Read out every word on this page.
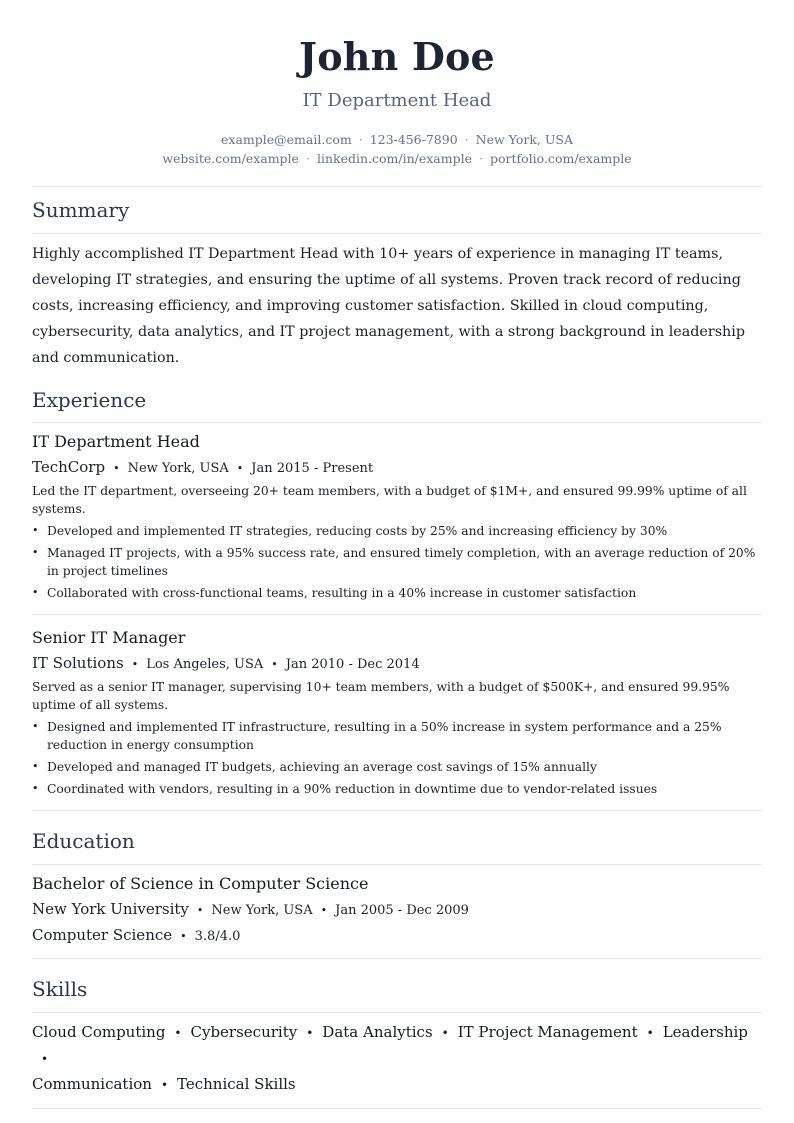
John Doe
IT Department Head
example@email.com · 123-456-7890 · New York, USA
website.com/example · linkedin.com/in/example · portfolio.com/example
Summary
Highly accomplished IT Department Head with 10+ years of experience in managing IT teams, developing IT strategies, and ensuring the uptime of all systems. Proven track record of reducing costs, increasing efficiency, and improving customer satisfaction. Skilled in cloud computing, cybersecurity, data analytics, and IT project management, with a strong background in leadership and communication.
Experience
IT Department Head
TechCorp • New York, USA • Jan 2015 - Present
Led the IT department, overseeing 20+ team members, with a budget of $1M+, and ensured 99.99% uptime of all systems.
• Developed and implemented IT strategies, reducing costs by 25% and increasing efficiency by 30%
• Managed IT projects, with a 95% success rate, and ensured timely completion, with an average reduction of 20% in project timelines
• Collaborated with cross-functional teams, resulting in a 40% increase in customer satisfaction
Senior IT Manager
IT Solutions • Los Angeles, USA • Jan 2010 - Dec 2014
Served as a senior IT manager, supervising 10+ team members, with a budget of $500K+, and ensured 99.95% uptime of all systems.
• Designed and implemented IT infrastructure, resulting in a 50% increase in system performance and a 25% reduction in energy consumption
• Developed and managed IT budgets, achieving an average cost savings of 15% annually
• Coordinated with vendors, resulting in a 90% reduction in downtime due to vendor-related issues
Education
Bachelor of Science in Computer Science
New York University • New York, USA • Jan 2005 - Dec 2009
Computer Science • 3.8/4.0
Skills
Cloud Computing • Cybersecurity • Data Analytics • IT Project Management • Leadership•
Communication • Technical Skills
